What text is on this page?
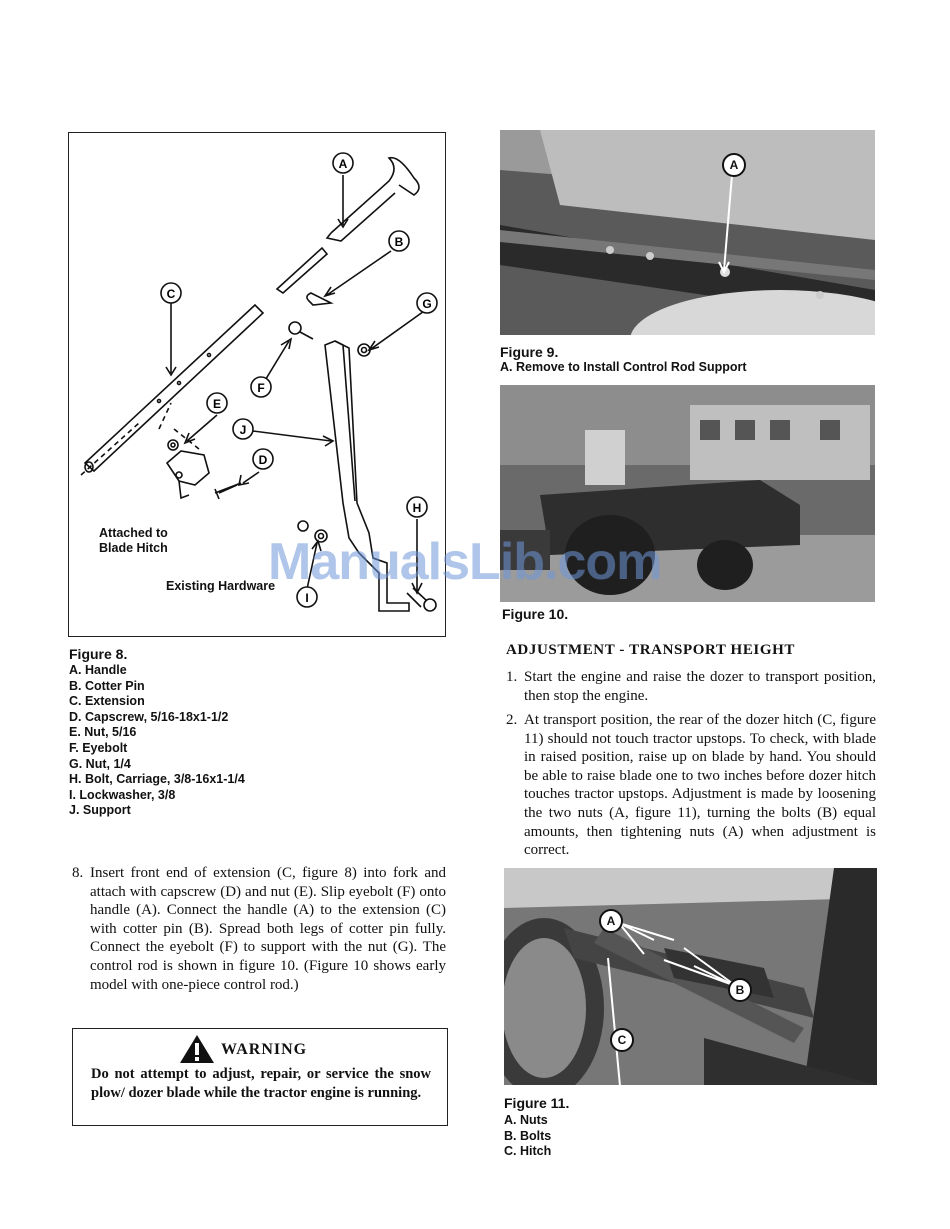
A
B
C
D
E
F
G
H
I
J
Attached to
Blade Hitch
Existing Hardware
Figure 8.
A. Handle
B. Cotter Pin
C. Extension
D. Capscrew, 5/16-18x1-1/2
E. Nut, 5/16
F. Eyebolt
G. Nut, 1/4
H. Bolt, Carriage, 3/8-16x1-1/4
I. Lockwasher, 3/8
J. Support
8. Insert front end of extension (C, figure 8) into fork and attach with capscrew (D) and nut (E). Slip eyebolt (F) onto handle (A). Connect the handle (A) to the extension (C) with cotter pin (B). Spread both legs of cotter pin fully. Connect the eyebolt (F) to support with the nut (G). The control rod is shown in figure 10. (Figure 10 shows early model with one-piece control rod.)
WARNING
Do not attempt to adjust, repair, or service the snow plow/ dozer blade while the tractor engine is running.
A
Figure 9.
A. Remove to Install Control Rod Support
Figure 10.
ADJUSTMENT - TRANSPORT HEIGHT
1. Start the engine and raise the dozer to transport position, then stop the engine.
2. At transport position, the rear of the dozer hitch (C, figure 11) should not touch tractor upstops. To check, with blade in raised position, raise up on blade by hand. You should be able to raise blade one to two inches before dozer hitch touches tractor upstops. Adjustment is made by loosening the two nuts (A, figure 11), turning the bolts (B) equal amounts, then tightening nuts (A) when adjustment is correct.
A
B
C
Figure 11.
A. Nuts
B. Bolts
C. Hitch
ManualsLib.com
